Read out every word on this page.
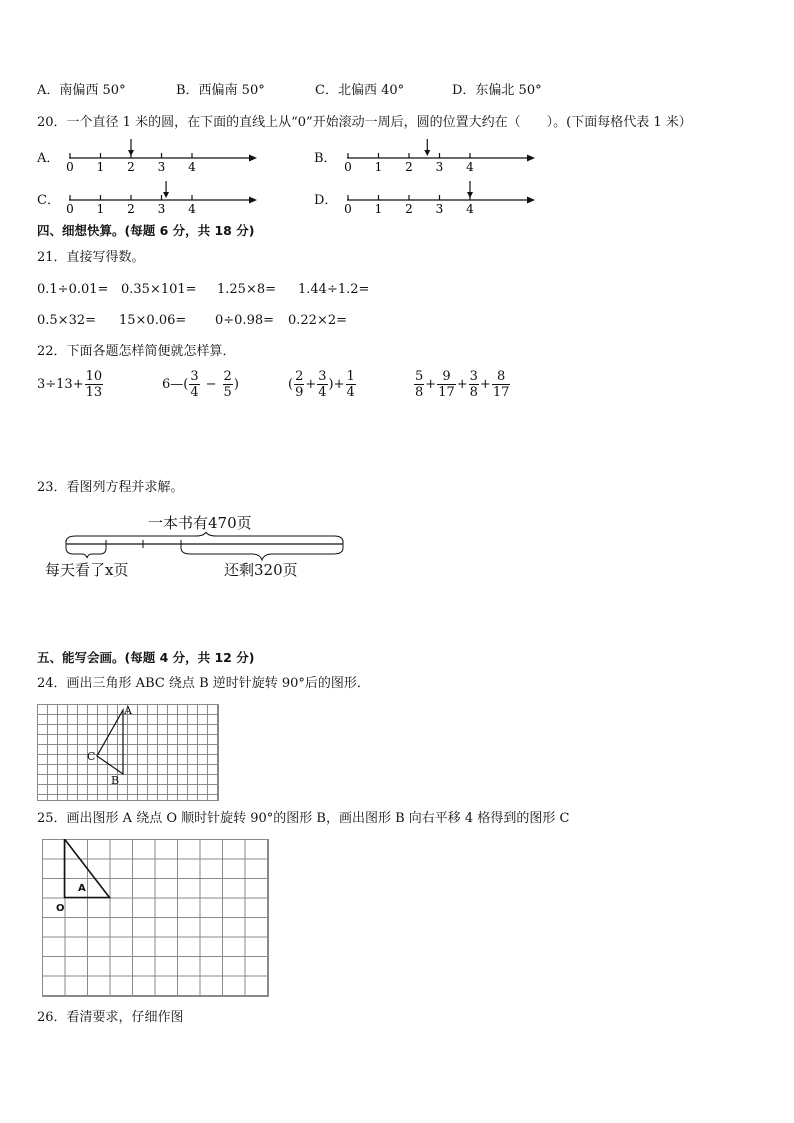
A．南偏西 50°	B．西偏南 50°	C．北偏西 40°	D．东偏北 50°
20．一个直径 1 米的圆，在下面的直线上从“0”开始滚动一周后，圆的位置大约在（　　）。(下面每格代表 1 米）
A．
0 1 2 3 4
B．
0 1 2 3 4
C．
0 1 2 3 4
D．
0 1 2 3 4
四、细想快算。(每题 6 分，共 18 分)
21．直接写得数。
0.1÷0.01= 0.35×101= 1.25×8= 1.44÷1.2=
0.5×32= 15×0.06= 0÷0.98= 0.22×2=
22．下面各题怎样简便就怎样算．
$3\div 13+ \frac{10}{13}$	6—( $\frac{3}{4} - \frac{2}{5}$ )	( $\frac{2}{9} + \frac{3}{4}$ )+ $\frac{1}{4}$	$\frac{5}{8} + \frac{9}{17} + \frac{3}{8} + \frac{8}{17}$
23．看图列方程并求解。
一本书有470页
每天看了x页	还剩320页
五、能写会画。(每题 4 分，共 12 分)
24．画出三角形 ABC 绕点 B 逆时针旋转 90°后的图形．
A
C
B
25．画出图形 A 绕点 O 顺时针旋转 90°的图形 B，画出图形 B 向右平移 4 格得到的图形 C
A
O
26．看清要求，仔细作图
